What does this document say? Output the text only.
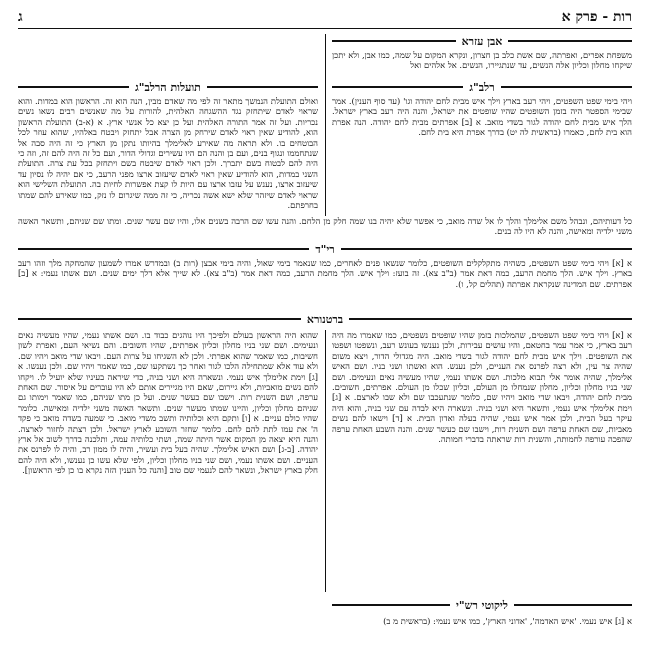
רות - פרק א
ג
אבן עזרא
משפחת אפרים, ואפרתה, שם אשת כלב בן חצרון, ונקרא המקום על שמה, כמו אבן, ולא יתכן שיקחו מחלון וכליון אלה הנשים, עד שנתגיירו, הנשים. אל אלהים ואל
רלב"ג
ויהי בימי שפט השפטים, ויהי רעב בארץ וילך איש מבית לחם יהודה וגו' (עד סוף הענין). אמר שבימי הספטר היה בזמן השופטים שהיו שופטים את ישראל, והנה היה רעב בארץ ישראל. הלך איש מבית לחם יהודה לגור בשדי מואב. א [ב] אפרתים מבית לחם יהודה. הנה אפרת הוא בית לחם, כאמרו (בראשית לה יט) בדרך אפרת היא בית לחם.
תועלות הרלב"ג
ואולם התועלת הנמשך מתאר זה לפי מה שאדם מבין, הנה הוא זה. הראשון הוא במדות. והוא שראוי לאדם שיתחזק נגד ההשגחה האלהית, להורות על מה שאנשים רבים נשאו נשים נכריות. ועל זה אמר התורה האלהית ועל כן יצא כל אנשי ארץ. א (א-ב) התועלת הראשון הוא, להודיע שאין ראוי לאדם שירחק מן הצרה אבל יתחזק ויבטח באלהיו, שהוא עוזר לכל הבוטחים בו. ולא תראה מה שאירע לאלימלך בהיותו נתקן מן הארץ כי זה היה סבה אל שנתחממו ונגוף בנים, ועם בן והנה הם היו עשירים וגדולי הדור, ועם כל זה היה להם זה, וזה כי היה להם לבטוח בשם יתברך. ולכן ראוי לאדם שיבטח בשם ויתחזק בכל עת צרה. התועלת השני במדות, הוא להודיע שאין ראוי לאדם שיעזוב ארצו מפני הרעב, כי אם יהיה לו נסיון עד שיעזוב ארצו, נענש על עזבו ארצו עם היות לו קצת אפשרות לחיות בה. התועלת השלישי הוא שראוי לאדם שיזהר שלא ישא אשה נכריה, כי זה ממה שיגרום לו נזק, כמו שאירע להם שמתו בחרפתם.
כל דעותיהם, ונבהל משם אלימלך והלך לו אל שדה מואב, כי אפשר שלא יהיה בנו שמה חלק מן הלחם. והנה עשו שם הרבה בשנים אלו, והיו שם עשר שנים. ומתו שם שניהם, ותשאר האשה משני ילדיה ומאישה, והנה לא היו לה בנים.
רי"ד
א [א] ויהי בימי שפט השפטים, כשהיה מתקלקלים השופטים, כלומר שנשאו פנים לאחרים, כמו שנאמר בימי שאול, והיה בימי אבצן (רות ב) ובמדרש אמרו לשמעון שהמחקה מלך וזהו רעב בארץ. וילך איש. הלך מחמת הרעב, כמה דאת אמר (ב"ב צא). זה בועז: וילך איש. הלך מחמת הרעב, כמה דאת אמר (ב"ב צא). לא שייך אלא דלך ימים שנים. ושם אשתו נעמי: א [ב] אפרתים. שם המדינה שנקראת אפרתה (תהלים קל, ו).
ברטנורא
א [א] ויהי בימי שפט השפטים, שהמלכות בזמן שהיו שופטים נשפטים, כמו שאמרו מה היה רעב בארץ, כי אמר עמר בחטאם, והיו עושים עבירות, ולכן נענשו בעונש רעב, ונשפטו ושפטו את השופטים. וילך איש מבית לחם יהודה לגור בשדי מואב. היה מגדולי הדור, ויצא משום שהיה צר עין, ולא רצה לפרנס את העניים, ולכן נענש. הוא ואשתו ושני בניו. ושם האיש אלימלך, שהיה אומר אלי תבוא מלכות. ושם אשתו נעמי, שהיו מעשיה נאים ונעימים. ושם שני בניו מחלון וכליון, מחלון שנמחלו מן העולם, וכליון שכלו מן העולם. אפרתים, חשובים. מבית לחם יהודה, ויבאו שדי מואב ויהיו שם, כלומר שנתעכבו שם ולא שבו לארצם. א [ג] וימת אלימלך איש נעמי, ותשאר היא ושני בניה. ונשארה היא לבדה עם שני בניה, והוא היה עיקר בעל הבית, ולכן אמר איש נעמי, שהיה בעלה ואדון הבית. א [ד] וישאו להם נשים מאביות, שם האחת ערפה ושם השנית רות, וישבו שם כעשר שנים. והנה השבע האחת ערפה שהפכה עורפה לחמותה, והשנית רות שראתה בדברי חמותה.
שהוא היה הראשון בעולם ולפיכך היו נוהגים כבוד בו. ושם אשתו נעמי, שהיו מעשיה נאים ונעימים. ושם שני בניו מחלון וכליון אפרתים, שהיו חשובים. והם נשיאי העם, ואפרת לשון חשיבות, כמו שאמר שהוא אפרתי. ולכן לא השגיחו על צרות העם. ויבאו שדי מואב ויהיו שם. ולא עוד אלא שמתחילה הלכו לגור ואחר כך נשתקעו שם, כמו שאמר ויהיו שם. ולכן נענשו. א [ג] וימת אלימלך איש נעמי. ונשארה היא ושני בניה, כדי שיראה בעיניו שלא יועיל לו. ויקחו להם נשים מואביות, ולא גיירום, שאם היו מגיירים אותם לא היו עוברים על איסור. שם האחת ערפה, ושם השנית רות. וישבו שם כעשר שנים. ועל כן מתו שניהם, כמו שאמר וימותו גם שניהם מחלון וכליון, והיינו שמתו מעשר שנים. ותשאר האשה משני ילדיה ומאישה. כלומר שהיו כולם עניים. א [ו] ותקם היא וכלותיה ותשב משדי מואב. כי שמעה בשדה מואב כי פקד ה' את עמו לתת להם לחם. כלומר שחזר השובע לארץ ישראל. ולכן רצתה לחזור לארצה. והנה היא יצאה מן המקום אשר היתה שמה, ושתי כלותיה עמה, ותלכנה בדרך לשוב אל ארץ יהודה. [ב-ג] ושם האיש אלימלך. שהיה בעל בית ועשיר, והיה לו ממון רב, והיה לו לפרנס את העניים. ושם אשתו נעמי, ושם שני בניו מחלון וכליון, ולפי שלא עשו כן נענשו, ולא היה להם חלק בארץ ישראל, ונשאר להם לנעמי שם טוב [והנה כל הענין הזה נקרא בו כן לפי הראשון].
ליקוטי רש"י
א [ג] איש נעמי. 'איש האדמה', 'אדוני הארץ', כמו איש נעמי: (בראשית מ ב)
